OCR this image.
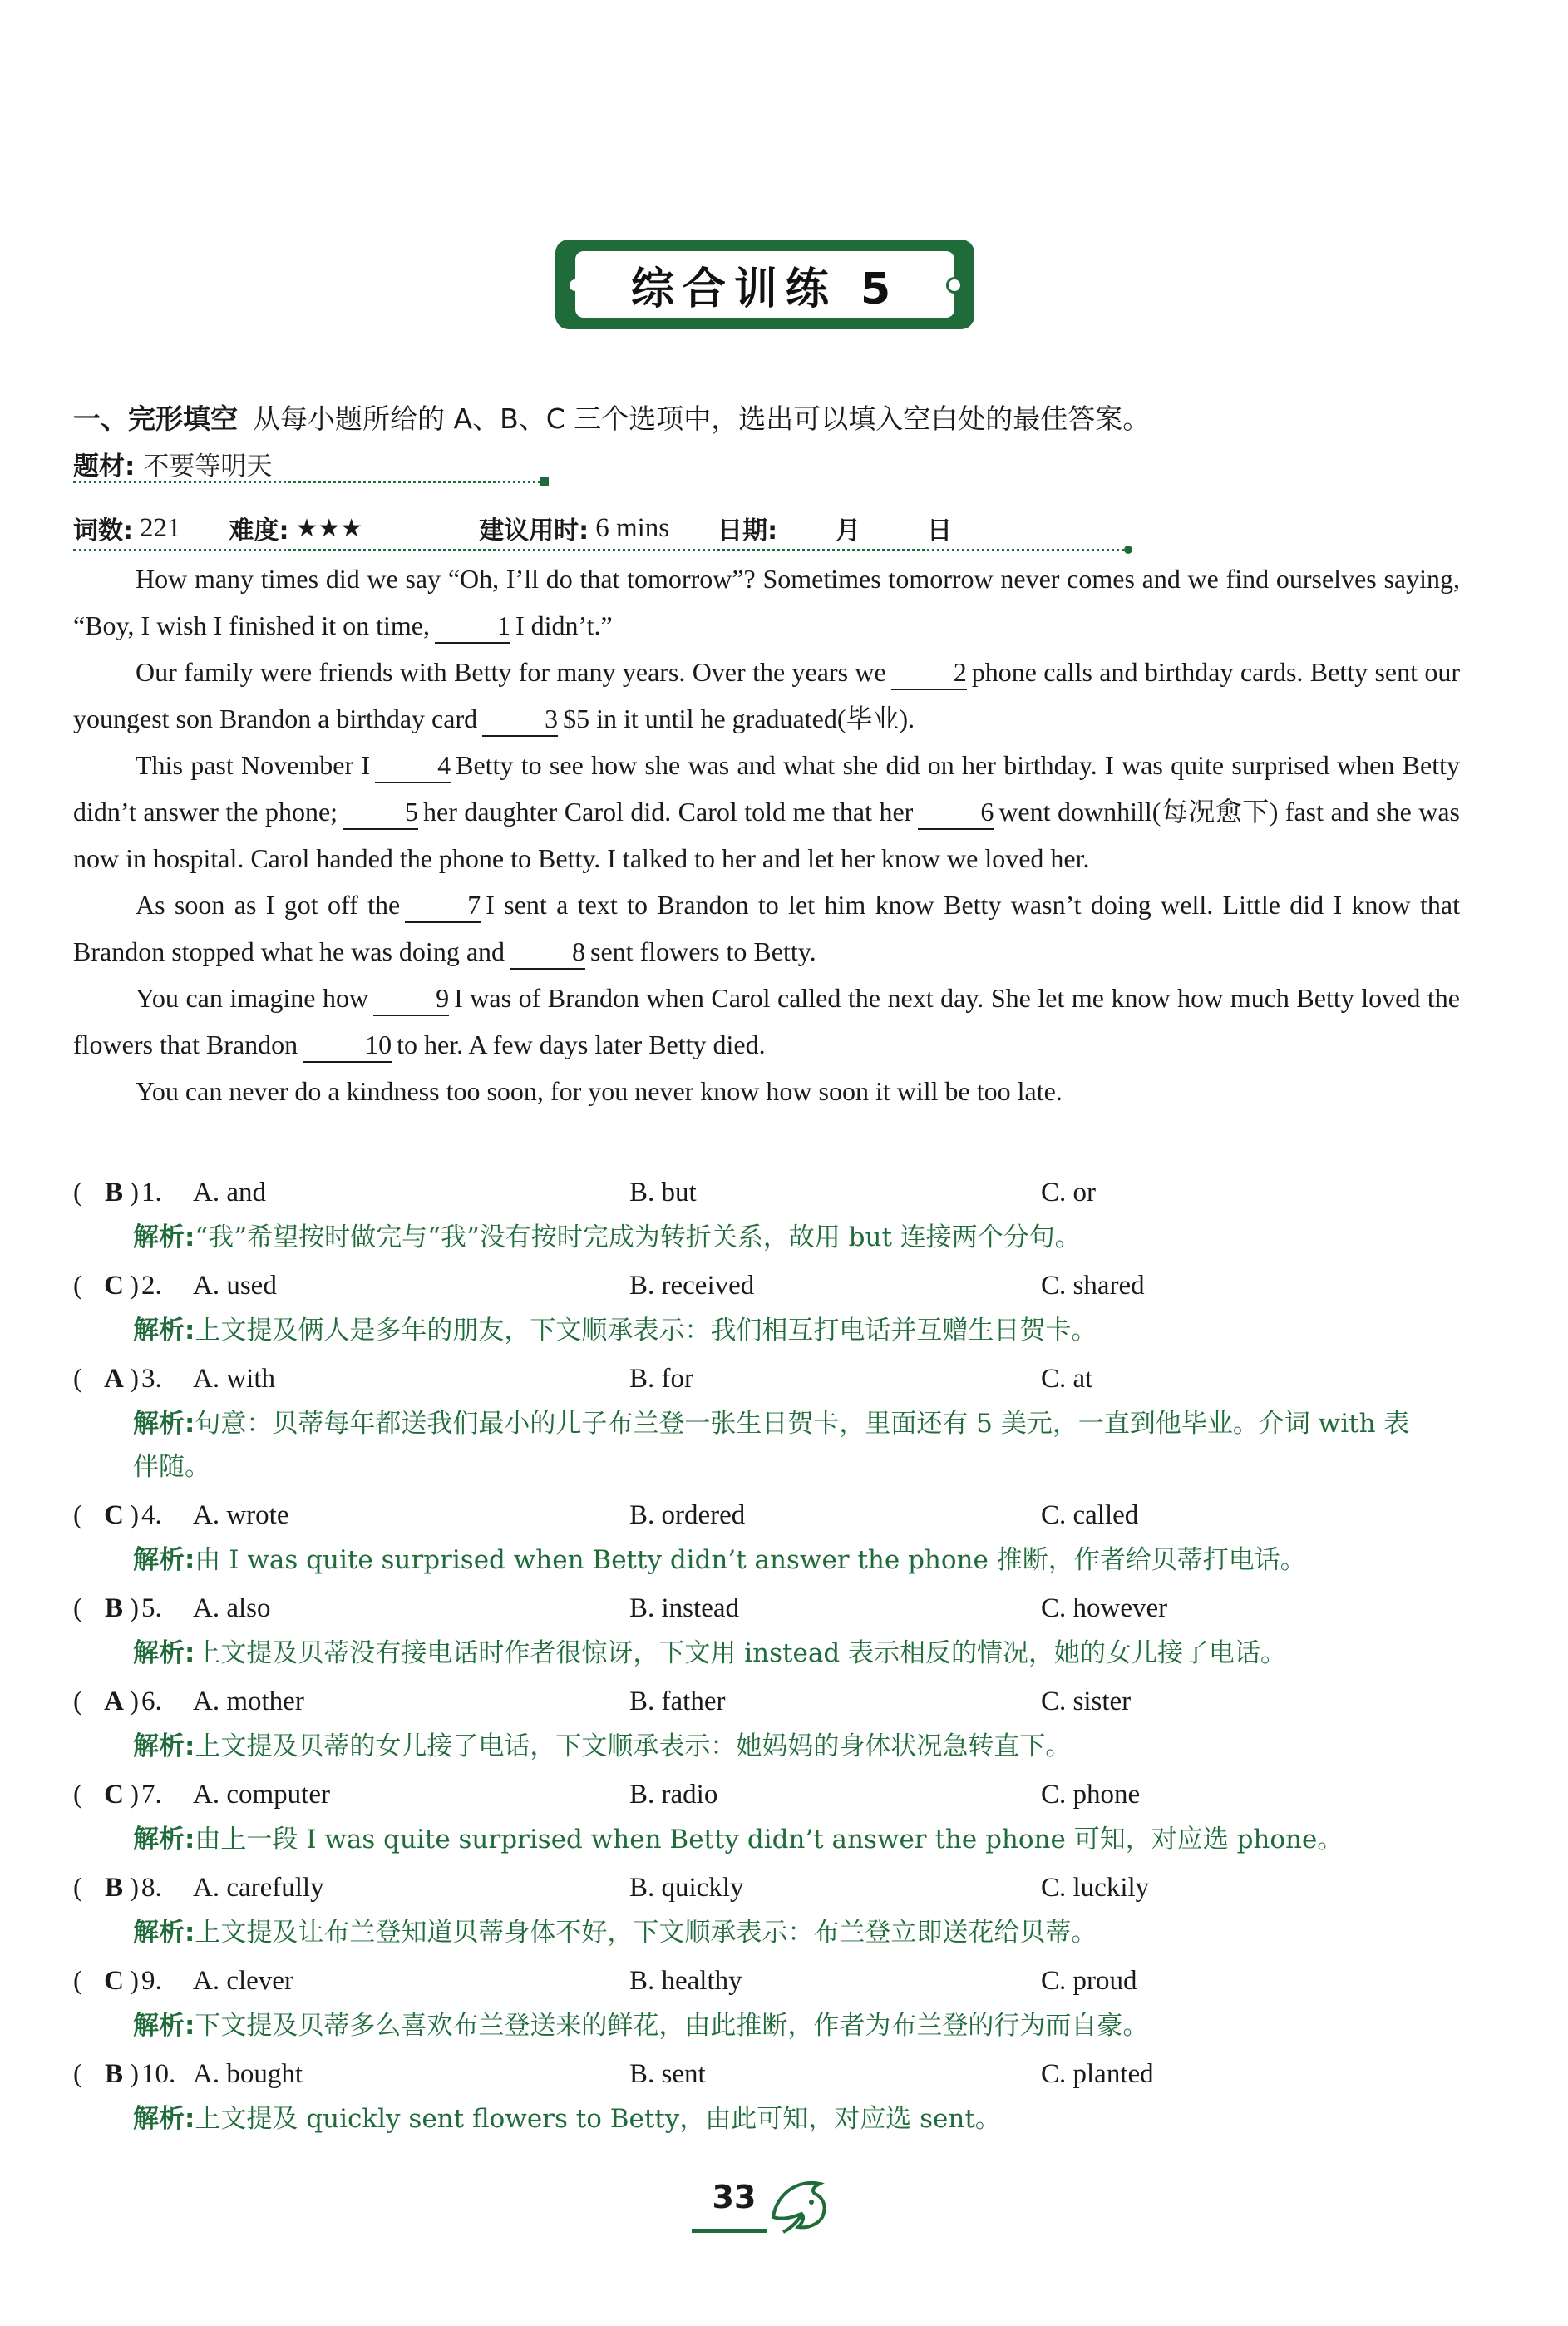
综合训练 5
一、完形填空 从每小题所给的 A、B、C 三个选项中，选出可以填入空白处的最佳答案。
题材: 不要等明天
词数: 221 难度: ★★★	建议用时: 6 mins 日期: 月	日

How many times did we say “Oh, I’ll do that tomorrow”? Sometimes tomorrow never comes and we find ourselves saying, “Boy, I wish I finished it on time,	1 I didn’t.”

Our family were friends with Betty for many years. Over the years we	2 phone calls and birthday cards. Betty sent our youngest son Brandon a birthday card	3 $5 in it until he graduated(毕业).

This past November I	4 Betty to see how she was and what she did on her birthday. I was quite surprised when Betty didn’t answer the phone;	5 her daughter Carol did. Carol told me that her	6 went downhill(每况愈下) fast and she was now in hospital. Carol handed the phone to Betty. I talked to her and let her know we loved her.

As soon as I got off the	7 I sent a text to Brandon to let him know Betty wasn’t doing well. Little did I know that Brandon stopped what he was doing and	8 sent flowers to Betty.

You can imagine how	9 I was of Brandon when Carol called the next day. She let me know how much Betty loved the flowers that Brandon	10 to her. A few days later Betty died.

You can never do a kindness too soon, for you never know how soon it will be too late.

( B ) 1.	A. and	B. but	C. or
解析:“我”希望按时做完与“我”没有按时完成为转折关系，故用 but 连接两个分句。
( C ) 2.	A. used	B. received	C. shared
解析:上文提及俩人是多年的朋友，下文顺承表示：我们相互打电话并互赠生日贺卡。
( A ) 3.	A. with	B. for	C. at
解析:句意：贝蒂每年都送我们最小的儿子布兰登一张生日贺卡，里面还有 5 美元，一直到他毕业。介词 with 表伴随。
( C ) 4.	A. wrote	B. ordered	C. called
解析:由 I was quite surprised when Betty didn’t answer the phone 推断，作者给贝蒂打电话。
( B ) 5.	A. also	B. instead	C. however
解析:上文提及贝蒂没有接电话时作者很惊讶，下文用 instead 表示相反的情况，她的女儿接了电话。
( A ) 6.	A. mother	B. father	C. sister
解析:上文提及贝蒂的女儿接了电话，下文顺承表示：她妈妈的身体状况急转直下。
( C ) 7.	A. computer	B. radio	C. phone
解析:由上一段 I was quite surprised when Betty didn’t answer the phone 可知，对应选 phone。
( B ) 8.	A. carefully	B. quickly	C. luckily
解析:上文提及让布兰登知道贝蒂身体不好，下文顺承表示：布兰登立即送花给贝蒂。
( C ) 9.	A. clever	B. healthy	C. proud
解析:下文提及贝蒂多么喜欢布兰登送来的鲜花，由此推断，作者为布兰登的行为而自豪。
( B ) 10. A. bought	B. sent	C. planted
解析:上文提及 quickly sent flowers to Betty，由此可知，对应选 sent。
33
